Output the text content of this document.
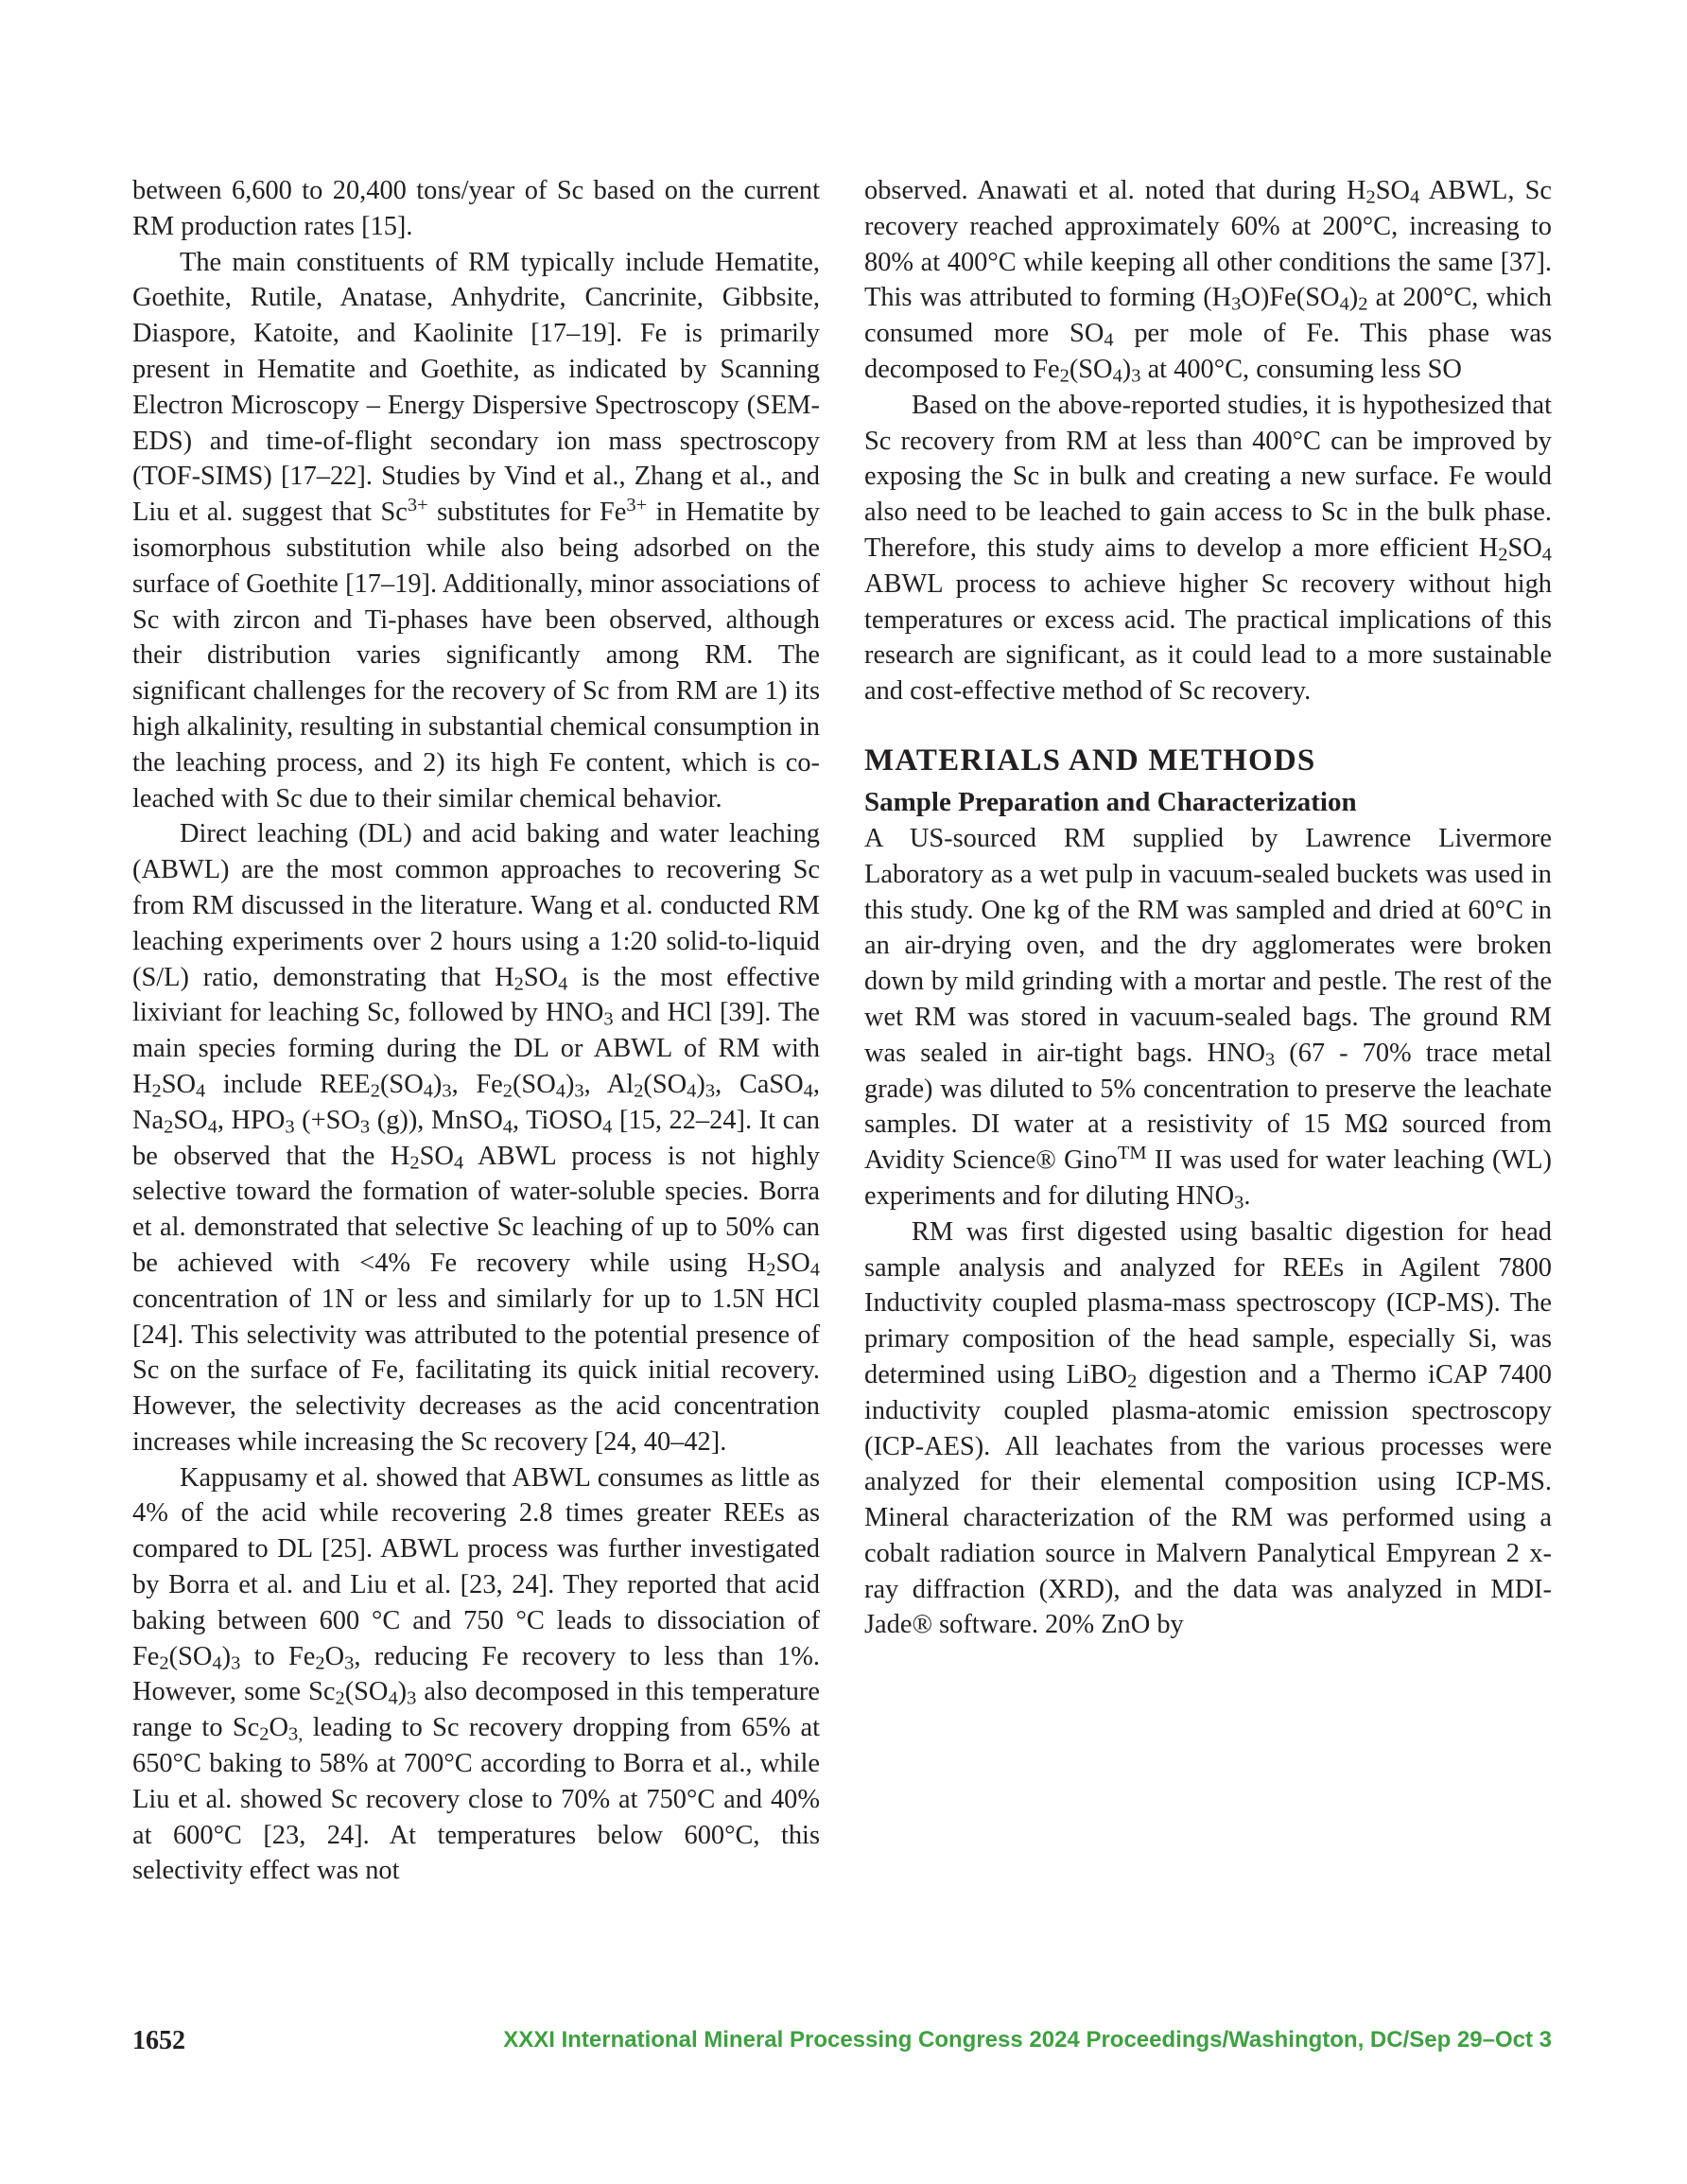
between 6,600 to 20,400 tons/year of Sc based on the current RM production rates [15].

The main constituents of RM typically include Hematite, Goethite, Rutile, Anatase, Anhydrite, Cancrinite, Gibbsite, Diaspore, Katoite, and Kaolinite [17–19]. Fe is primarily present in Hematite and Goethite, as indicated by Scanning Electron Microscopy – Energy Dispersive Spectroscopy (SEM-EDS) and time-of-flight secondary ion mass spectroscopy (TOF-SIMS) [17–22]. Studies by Vind et al., Zhang et al., and Liu et al. suggest that $Sc^{3+}$ substitutes for $Fe^{3+}$ in Hematite by isomorphous substitution while also being adsorbed on the surface of Goethite [17–19]. Additionally, minor associations of Sc with zircon and Ti-phases have been observed, although their distribution varies significantly among RM. The significant challenges for the recovery of Sc from RM are 1) its high alkalinity, resulting in substantial chemical consumption in the leaching process, and 2) its high Fe content, which is co-leached with Sc due to their similar chemical behavior.

Direct leaching (DL) and acid baking and water leaching (ABWL) are the most common approaches to recovering Sc from RM discussed in the literature. Wang et al. conducted RM leaching experiments over 2 hours using a 1:20 solid-to-liquid (S/L) ratio, demonstrating that $H_2SO_4$ is the most effective lixiviant for leaching Sc, followed by $HNO_3$ and HCl [39]. The main species forming during the DL or ABWL of RM with $H_2SO_4$ include $REE_2(SO_4)_3$, $Fe_2(SO_4)_3$, $Al_2(SO_4)_3$, CaSO$_4$, $Na_2SO_4$, $HPO_3$ ($+SO_3$ (g)), MnSO$_4$, TiOSO$_4$ [15, 22–24]. It can be observed that the $H_2SO_4$ ABWL process is not highly selective toward the formation of water-soluble species. Borra et al. demonstrated that selective Sc leaching of up to 50% can be achieved with <4% Fe recovery while using $H_2SO_4$ concentration of 1N or less and similarly for up to 1.5N HCl [24]. This selectivity was attributed to the potential presence of Sc on the surface of Fe, facilitating its quick initial recovery. However, the selectivity decreases as the acid concentration increases while increasing the Sc recovery [24, 40–42].

Kappusamy et al. showed that ABWL consumes as little as 4% of the acid while recovering 2.8 times greater REEs as compared to DL [25]. ABWL process was further investigated by Borra et al. and Liu et al. [23, 24]. They reported that acid baking between 600 °C and 750 °C leads to dissociation of $Fe_2(SO_4)_3$ to $Fe_2O_3$, reducing Fe recovery to less than 1%. However, some $Sc_2(SO_4)_3$ also decomposed in this temperature range to $Sc_2O_{3,}$ leading to Sc recovery dropping from 65% at 650°C baking to 58% at 700°C according to Borra et al., while Liu et al. showed Sc recovery close to 70% at 750°C and 40% at 600°C [23, 24]. At temperatures below 600°C, this selectivity effect was not

observed. Anawati et al. noted that during $H_2SO_4$ ABWL, Sc recovery reached approximately 60% at 200°C, increasing to 80% at 400°C while keeping all other conditions the same [37]. This was attributed to forming $(H_3O)Fe(SO_4)_2$ at 200°C, which consumed more $SO_4$ per mole of Fe. This phase was decomposed to $Fe_2(SO_4)_3$ at 400°C, consuming less SO

Based on the above-reported studies, it is hypothesized that Sc recovery from RM at less than 400°C can be improved by exposing the Sc in bulk and creating a new surface. Fe would also need to be leached to gain access to Sc in the bulk phase. Therefore, this study aims to develop a more efficient $H_2SO_4$ ABWL process to achieve higher Sc recovery without high temperatures or excess acid. The practical implications of this research are significant, as it could lead to a more sustainable and cost-effective method of Sc recovery.

MATERIALS AND METHODS
Sample Preparation and Characterization

A US-sourced RM supplied by Lawrence Livermore Laboratory as a wet pulp in vacuum-sealed buckets was used in this study. One kg of the RM was sampled and dried at 60°C in an air-drying oven, and the dry agglomerates were broken down by mild grinding with a mortar and pestle. The rest of the wet RM was stored in vacuum-sealed bags. The ground RM was sealed in air-tight bags. $HNO_3$ (67 - 70% trace metal grade) was diluted to 5% concentration to preserve the leachate samples. DI water at a resistivity of 15 MΩ sourced from Avidity Science® Gino™ II was used for water leaching (WL) experiments and for diluting $HNO_3$.

RM was first digested using basaltic digestion for head sample analysis and analyzed for REEs in Agilent 7800 Inductivity coupled plasma-mass spectroscopy (ICP-MS). The primary composition of the head sample, especially Si, was determined using LiBO$_2$ digestion and a Thermo iCAP 7400 inductivity coupled plasma-atomic emission spectroscopy (ICP-AES). All leachates from the various processes were analyzed for their elemental composition using ICP-MS. Mineral characterization of the RM was performed using a cobalt radiation source in Malvern Panalytical Empyrean 2 x-ray diffraction (XRD), and the data was analyzed in MDI-Jade® software. 20% ZnO by

1652	XXXI International Mineral Processing Congress 2024 Proceedings/Washington, DC/Sep 29–Oct 3
